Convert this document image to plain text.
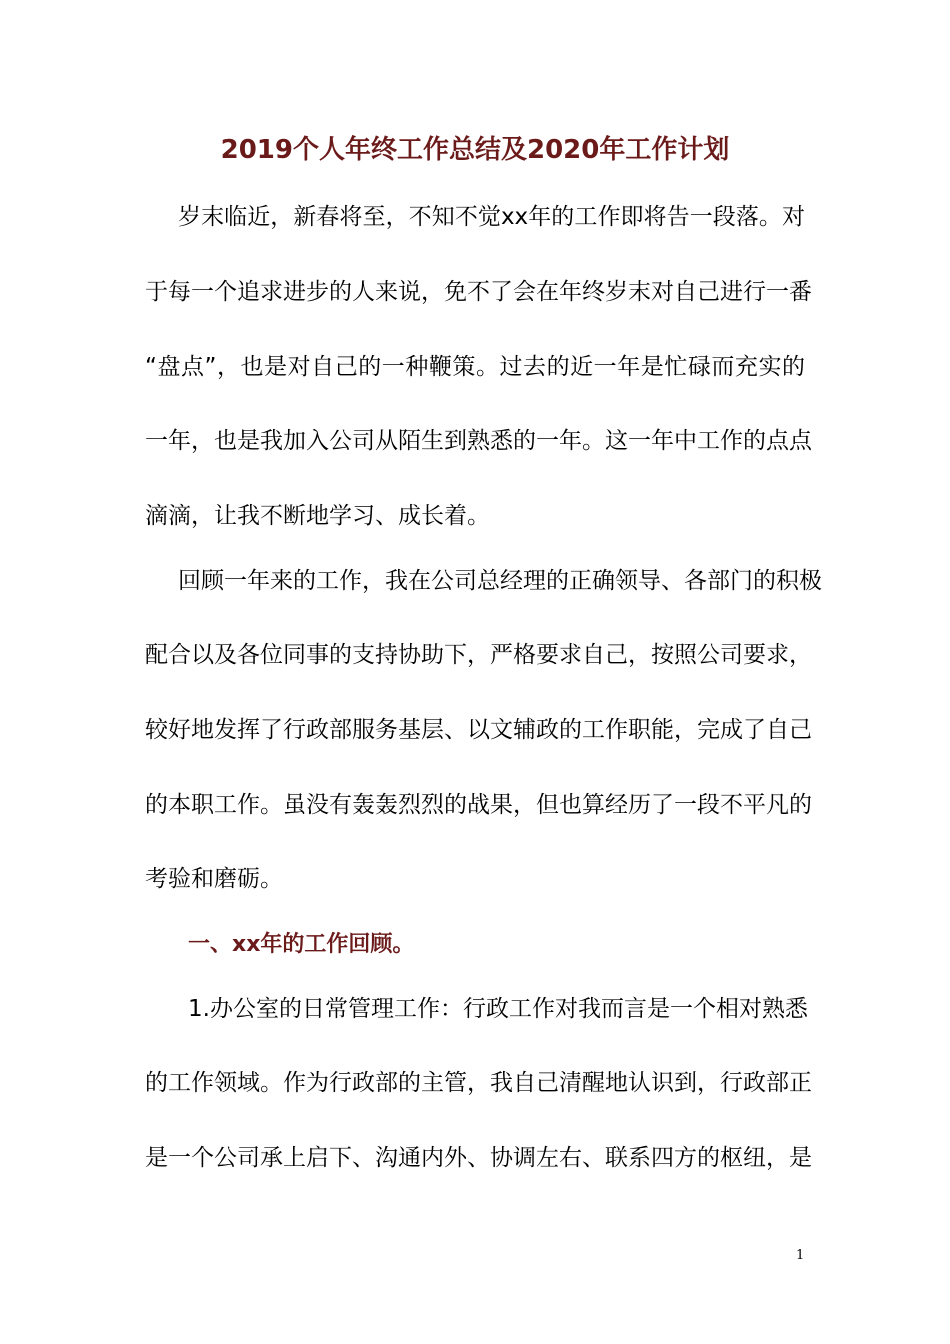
2019个人年终工作总结及2020年工作计划
岁末临近，新春将至，不知不觉xx年的工作即将告一段落。对
于每一个追求进步的人来说，免不了会在年终岁末对自己进行一番
“盘点”，也是对自己的一种鞭策。过去的近一年是忙碌而充实的
一年，也是我加入公司从陌生到熟悉的一年。这一年中工作的点点
滴滴，让我不断地学习、成长着。
回顾一年来的工作，我在公司总经理的正确领导、各部门的积极
配合以及各位同事的支持协助下，严格要求自己，按照公司要求，
较好地发挥了行政部服务基层、以文辅政的工作职能，完成了自己
的本职工作。虽没有轰轰烈烈的战果，但也算经历了一段不平凡的
考验和磨砺。
一、xx年的工作回顾。
1.办公室的日常管理工作：行政工作对我而言是一个相对熟悉
的工作领域。作为行政部的主管，我自己清醒地认识到，行政部正
是一个公司承上启下、沟通内外、协调左右、联系四方的枢纽，是
1
